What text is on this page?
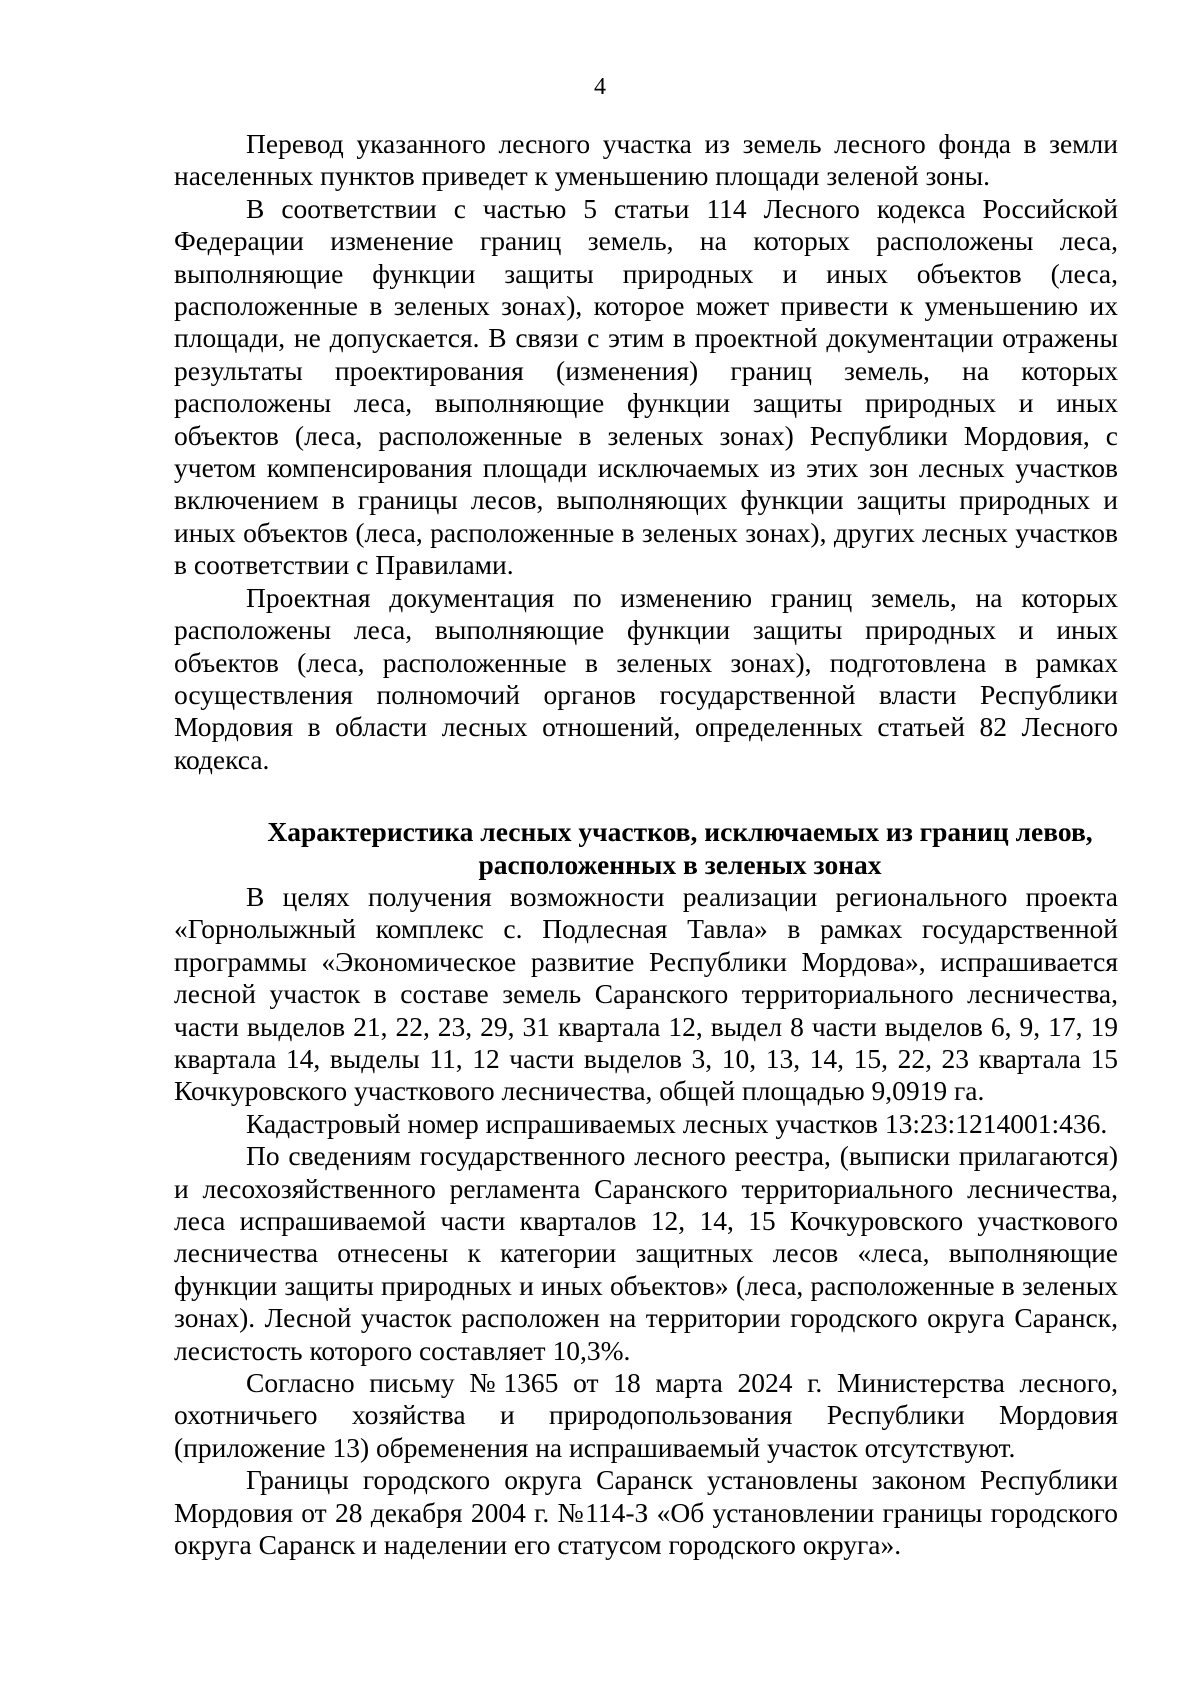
4

Перевод указанного лесного участка из земель лесного фонда в земли населенных пунктов приведет к уменьшению площади зеленой зоны.

В соответствии с частью 5 статьи 114 Лесного кодекса Российской Федерации изменение границ земель, на которых расположены леса, выполняющие функции защиты природных и иных объектов (леса, расположенные в зеленых зонах), которое может привести к уменьшению их площади, не допускается. В связи с этим в проектной документации отражены результаты проектирования (изменения) границ земель, на которых расположены леса, выполняющие функции защиты природных и иных объектов (леса, расположенные в зеленых зонах) Республики Мордовия, с учетом компенсирования площади исключаемых из этих зон лесных участков включением в границы лесов, выполняющих функции защиты природных и иных объектов (леса, расположенные в зеленых зонах), других лесных участков в соответствии с Правилами.

Проектная документация по изменению границ земель, на которых расположены леса, выполняющие функции защиты природных и иных объектов (леса, расположенные в зеленых зонах), подготовлена в рамках осуществления полномочий органов государственной власти Республики Мордовия в области лесных отношений, определенных статьей 82 Лесного кодекса.

Характеристика лесных участков, исключаемых из границ левов,
расположенных в зеленых зонах

В целях получения возможности реализации регионального проекта «Горнолыжный комплекс с. Подлесная Тавла» в рамках государственной программы «Экономическое развитие Республики Мордова», испрашивается лесной участок в составе земель Саранского территориального лесничества, части выделов 21, 22, 23, 29, 31 квартала 12, выдел 8 части выделов 6, 9, 17, 19 квартала 14, выделы 11, 12 части выделов 3, 10, 13, 14, 15, 22, 23 квартала 15 Кочкуровского участкового лесничества, общей площадью 9,0919 га.

Кадастровый номер испрашиваемых лесных участков 13:23:1214001:436.

По сведениям государственного лесного реестра, (выписки прилагаются) и лесохозяйственного регламента Саранского территориального лесничества, леса испрашиваемой части кварталов 12, 14, 15 Кочкуровского участкового лесничества отнесены к категории защитных лесов «леса, выполняющие функции защиты природных и иных объектов» (леса, расположенные в зеленых зонах). Лесной участок расположен на территории городского округа Саранск, лесистость которого составляет 10,3%.

Согласно письму №1365 от 18 марта 2024 г. Министерства лесного, охотничьего хозяйства и природопользования Республики Мордовия (приложение 13) обременения на испрашиваемый участок отсутствуют.

Границы городского округа Саранск установлены законом Республики Мордовия от 28 декабря 2004 г. №114-З «Об установлении границы городского округа Саранск и наделении его статусом городского округа».
